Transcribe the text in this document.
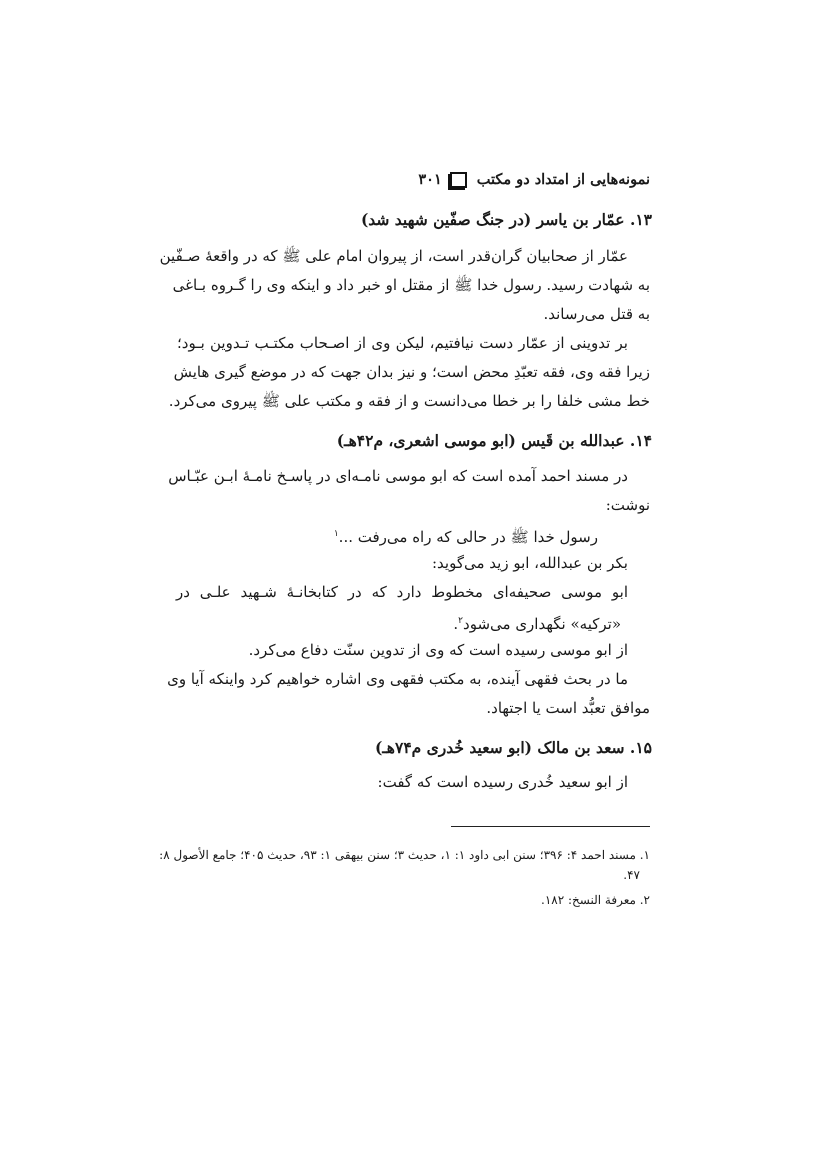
نمونه‌هایی از امتداد دو مکتب
۳۰۱
۱۳. عمّار بن یاسر (در جنگ صفّین شهید شد)
عمّار از صحابیان گران‌قدر است، از پیروان امام علی ﷺ که در واقعهٔ صـفّین
به شهادت رسید. رسول خدا ﷺ از مقتل او خبر داد و اینکه وی را گـروه بـاغی
به قتل می‌رساند.
بر تدوینی از عمّار دست نیافتیم، لیکن وی از اصـحاب مکتـب تـدوین بـود؛
زیرا فقه وی، فقه تعبّدِ محض است؛ و نیز بدان جهت که در موضع گیری هایش
خط مشی خلفا را بر خطا می‌دانست و از فقه و مکتب علی ﷺ پیروی می‌کرد.
۱۴. عبدالله بن قَیس (ابو موسی اشعری، م۴۲هـ)
در مسند احمد آمده است که ابو موسی نامـه‌ای در پاسـخ نامـهٔ ابـن عبّـاس
نوشت:
رسول خدا ﷺ در حالی که راه می‌رفت ...$^۱$
بکر بن عبدالله، ابو زید می‌گوید:
ابو موسی صحیفه‌ای مخطوط دارد که در کتابخانـهٔ شـهید علـی در
«ترکیه» نگهداری می‌شود$^۲$.
از ابو موسی رسیده است که وی از تدوین سنّت دفاع می‌کرد.
ما در بحث فقهی آینده، به مکتب فقهی وی اشاره خواهیم کرد واینکه آیا وی
موافق تعبُّد است یا اجتهاد.
۱۵. سعد بن مالک (ابو سعید خُدری م۷۴هـ)
از ابو سعید خُدری رسیده است که گفت:
۱. مسند احمد ۴: ۳۹۶؛ سنن ابی داود ۱: ۱، حدیث ۳؛ سنن بیهقی ۱: ۹۳، حدیث ۴۰۵؛ جامع الأصول ۸:
۴۷.
۲. معرفة النسخ: ۱۸۲.
